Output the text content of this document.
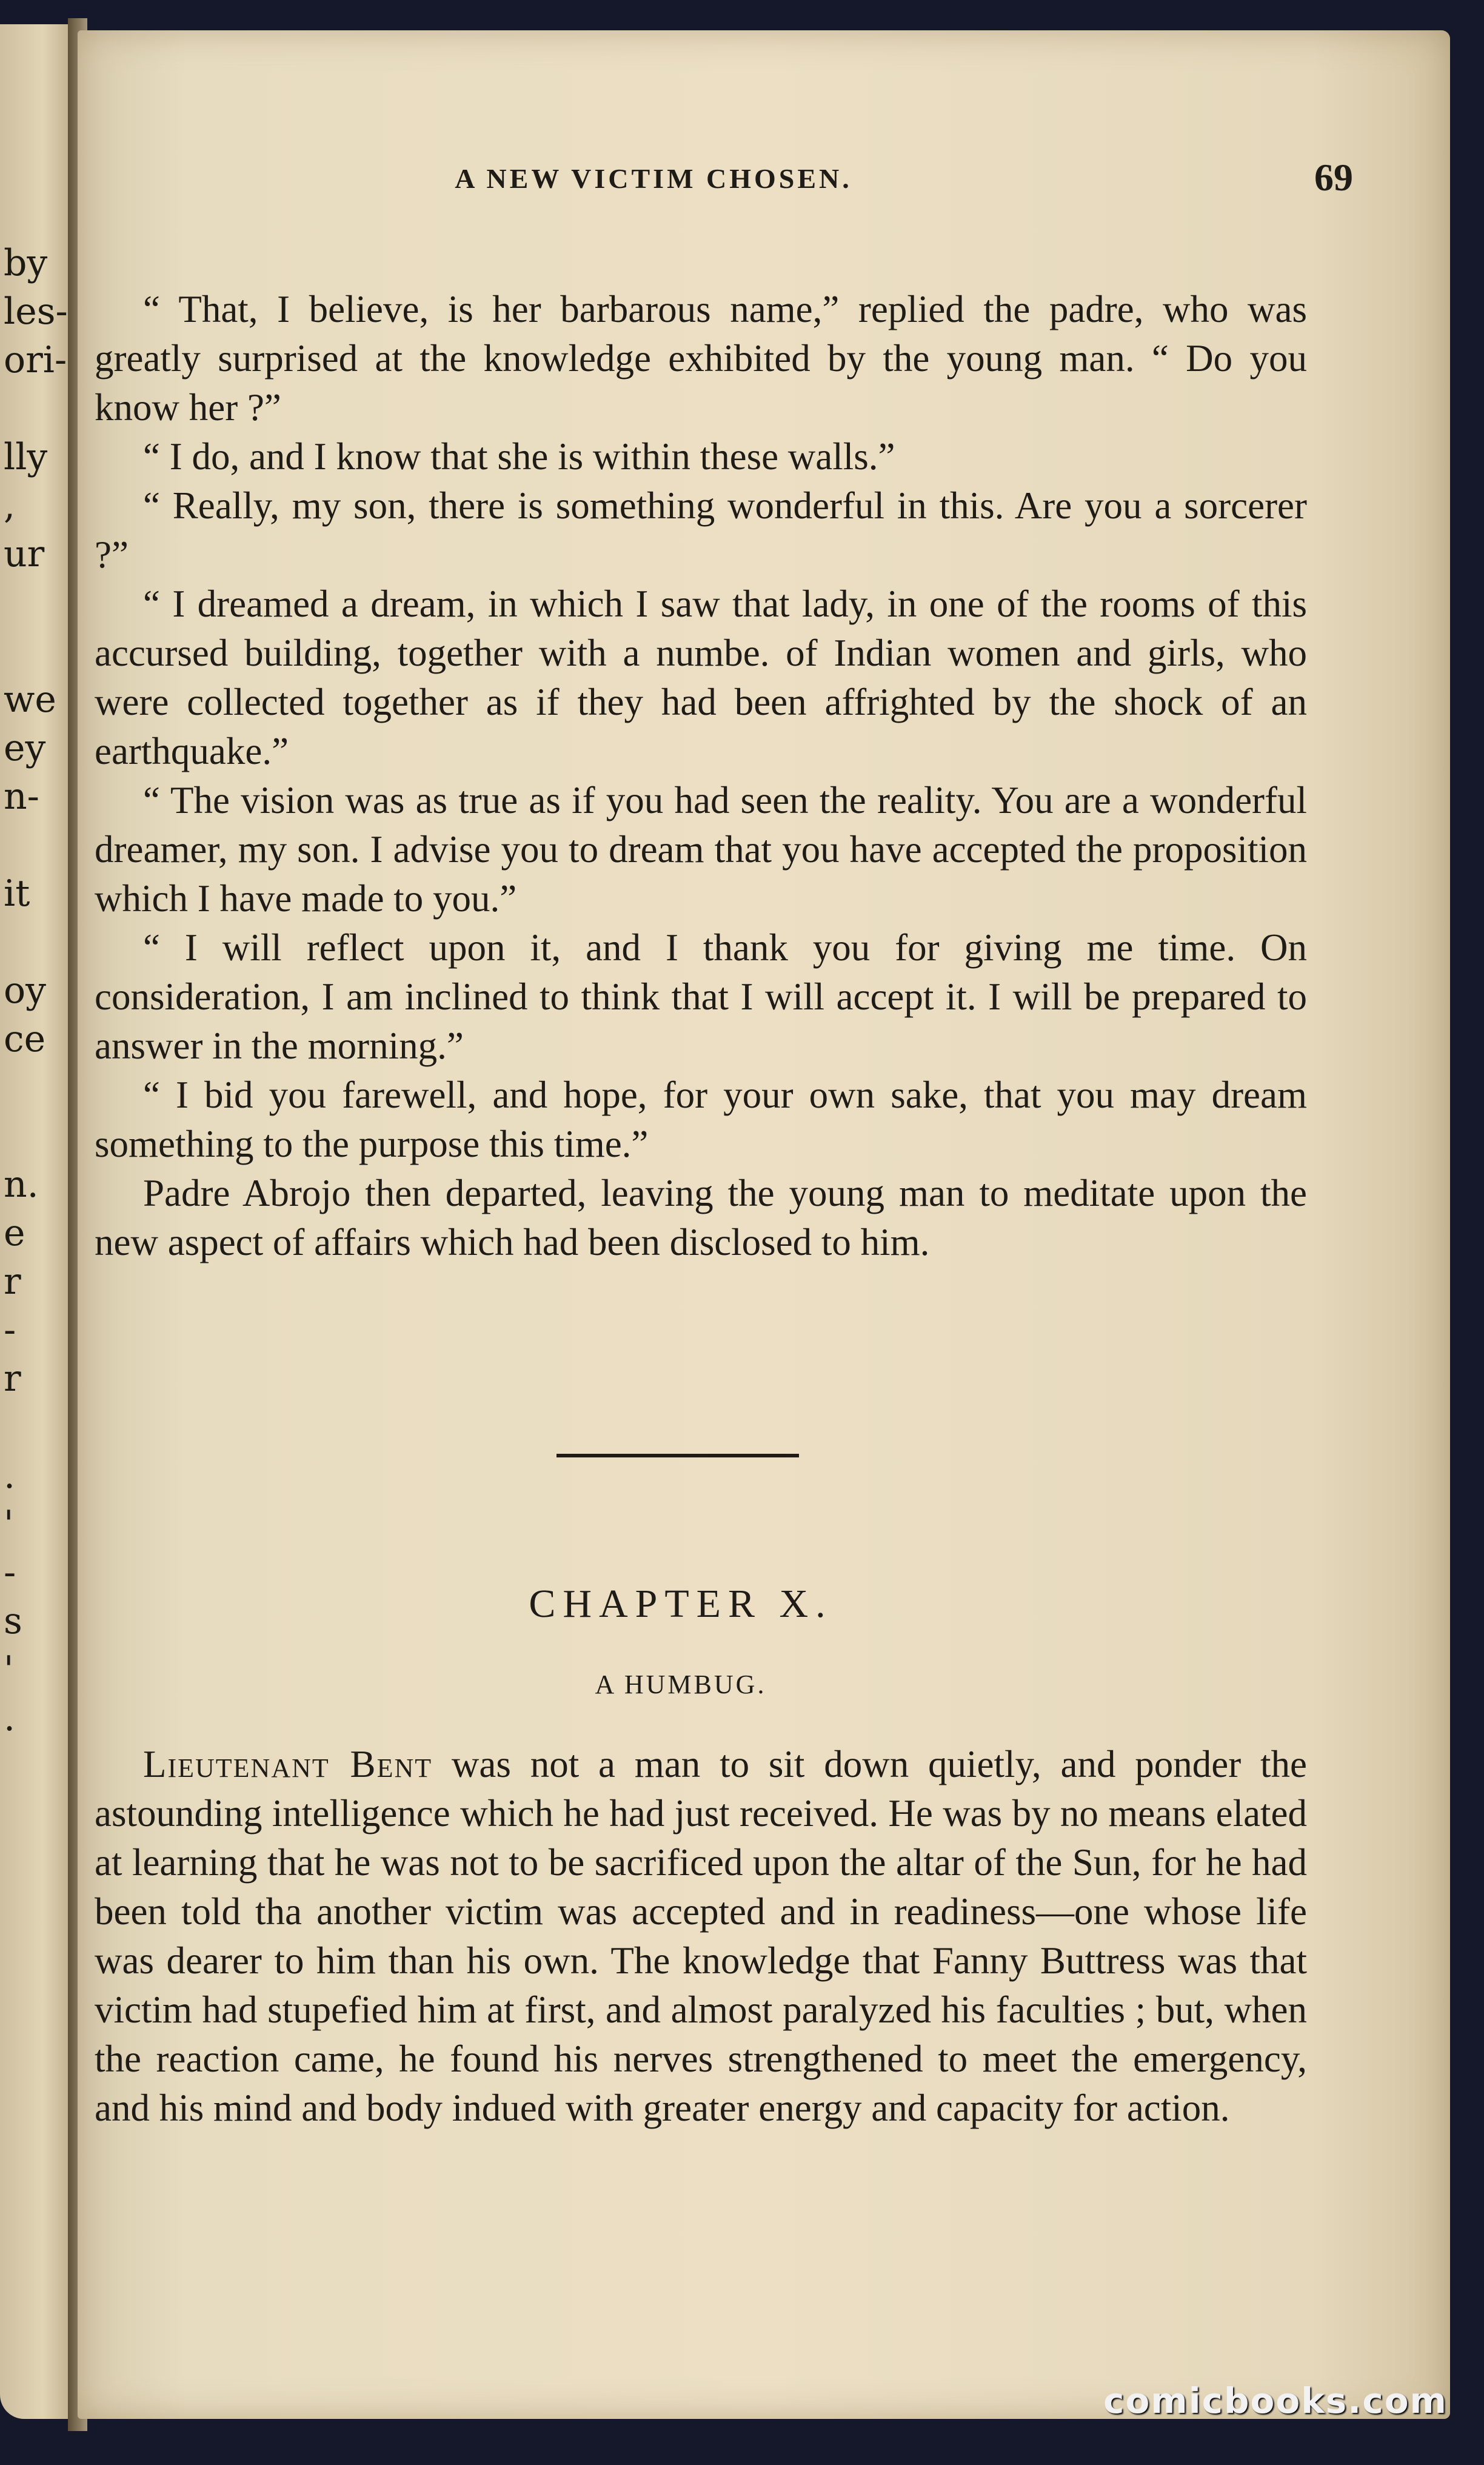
by
les-
ori-
lly
,
ur
we
ey
n-
it
oy
ce
n.
e
r
-
r
.
'
-
s
'
.
A NEW VICTIM CHOSEN.	69

“ That, I believe, is her barbarous name,” replied the padre, who was greatly surprised at the knowledge exhibited by the young man. “ Do you know her ?”

“ I do, and I know that she is within these walls.”

“ Really, my son, there is something wonderful in this. Are you a sorcerer ?”

“ I dreamed a dream, in which I saw that lady, in one of the rooms of this accursed building, together with a numbe. of Indian women and girls, who were collected together as if they had been affrighted by the shock of an earthquake.”

“ The vision was as true as if you had seen the reality. You are a wonderful dreamer, my son. I advise you to dream that you have accepted the proposition which I have made to you.”

“ I will reflect upon it, and I thank you for giving me time. On consideration, I am inclined to think that I will accept it. I will be prepared to answer in the morning.”

“ I bid you farewell, and hope, for your own sake, that you may dream something to the purpose this time.”

Padre Abrojo then departed, leaving the young man to meditate upon the new aspect of affairs which had been disclosed to him.

CHAPTER X.
A HUMBUG.

Lieutenant Bent was not a man to sit down quietly, and ponder the astounding intelligence which he had just received. He was by no means elated at learning that he was not to be sacrificed upon the altar of the Sun, for he had been told tha another victim was accepted and in readiness—one whose life was dearer to him than his own. The knowledge that Fanny Buttress was that victim had stupefied him at first, and almost paralyzed his faculties ; but, when the reaction came, he found his nerves strengthened to meet the emergency, and his mind and body indued with greater energy and capacity for action.

comicbooks.com
